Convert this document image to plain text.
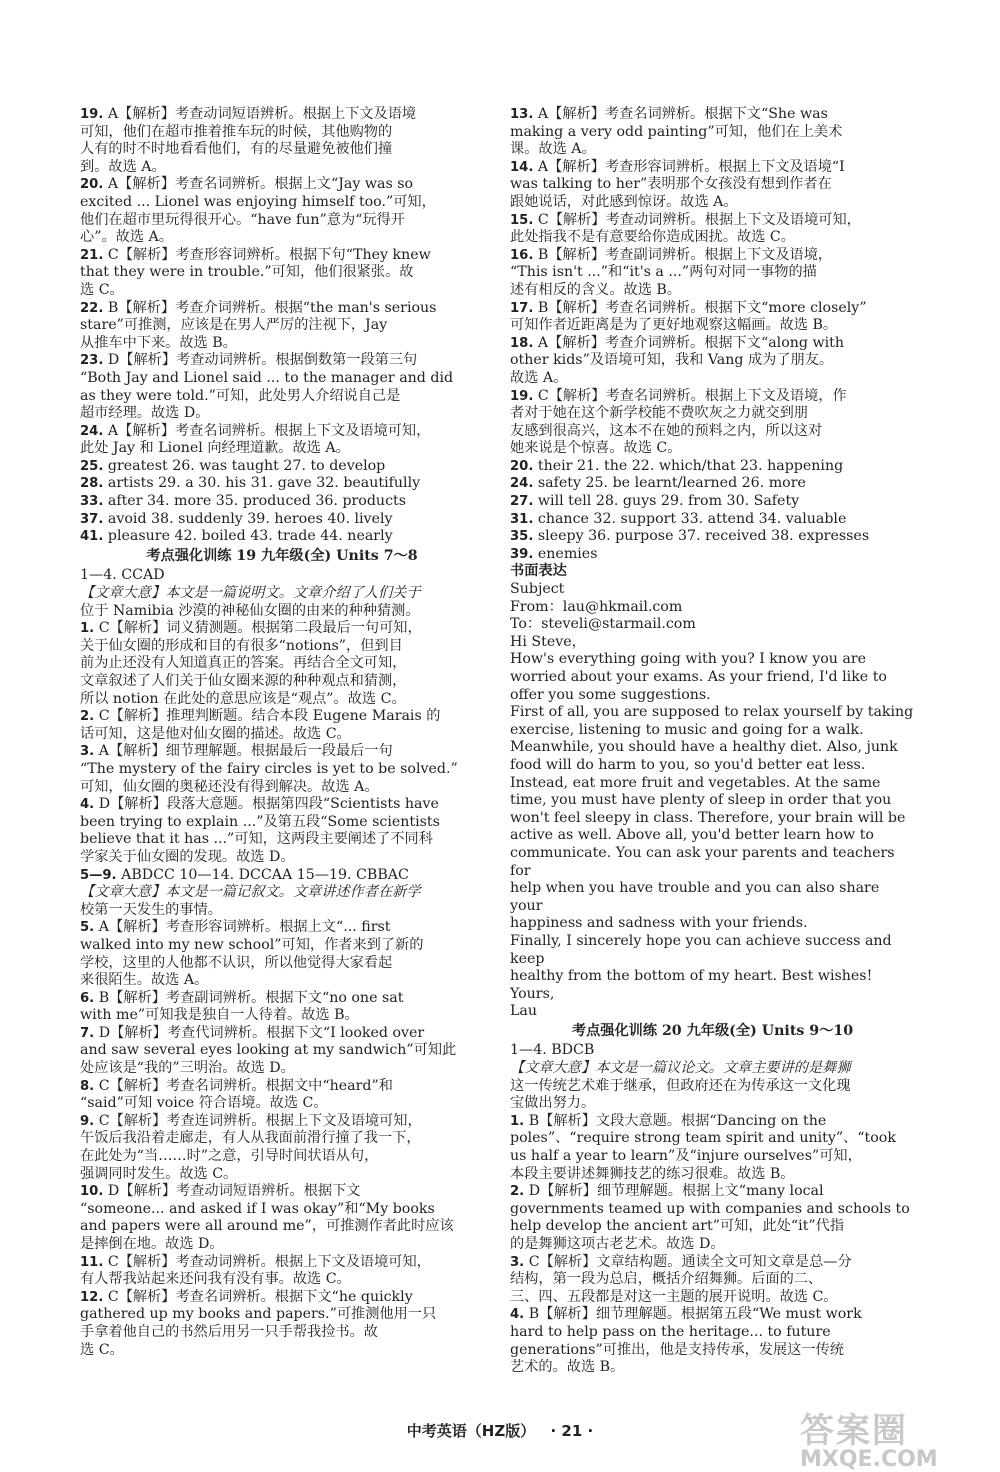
19. A【解析】考查动词短语辨析。根据上下文及语境
可知，他们在超市推着推车玩的时候，其他购物的
人有的时不时地看看他们，有的尽量避免被他们撞
到。故选 A。
20. A【解析】考查名词辨析。根据上文“Jay was so
excited ... Lionel was enjoying himself too.”可知，
他们在超市里玩得很开心。“have fun”意为“玩得开
心”。故选 A。
21. C【解析】考查形容词辨析。根据下句“They knew
that they were in trouble.”可知，他们很紧张。故
选 C。
22. B【解析】考查介词辨析。根据“the man's serious
stare”可推测，应该是在男人严厉的注视下，Jay
从推车中下来。故选 B。
23. D【解析】考查动词辨析。根据倒数第一段第三句
“Both Jay and Lionel said ... to the manager and did
as they were told.”可知，此处男人介绍说自己是
超市经理。故选 D。
24. A【解析】考查名词辨析。根据上下文及语境可知，
此处 Jay 和 Lionel 向经理道歉。故选 A。
25. greatest 26. was taught 27. to develop
28. artists 29. a 30. his 31. gave 32. beautifully
33. after 34. more 35. produced 36. products
37. avoid 38. suddenly 39. heroes 40. lively
41. pleasure 42. boiled 43. trade 44. nearly
考点强化训练 19 九年级(全) Units 7～8
1—4. CCAD
【文章大意】本文是一篇说明文。文章介绍了人们关于
位于 Namibia 沙漠的神秘仙女圈的由来的种种猜测。
1. C【解析】词义猜测题。根据第二段最后一句可知，
关于仙女圈的形成和目的有很多“notions”，但到目
前为止还没有人知道真正的答案。再结合全文可知，
文章叙述了人们关于仙女圈来源的种种观点和猜测，
所以 notion 在此处的意思应该是“观点”。故选 C。
2. C【解析】推理判断题。结合本段 Eugene Marais 的
话可知，这是他对仙女圈的描述。故选 C。
3. A【解析】细节理解题。根据最后一段最后一句
“The mystery of the fairy circles is yet to be solved.”
可知，仙女圈的奥秘还没有得到解决。故选 A。
4. D【解析】段落大意题。根据第四段“Scientists have
been trying to explain ...”及第五段“Some scientists
believe that it has ...”可知，这两段主要阐述了不同科
学家关于仙女圈的发现。故选 D。
5—9. ABDCC 10—14. DCCAA 15—19. CBBAC
【文章大意】本文是一篇记叙文。文章讲述作者在新学
校第一天发生的事情。
5. A【解析】考查形容词辨析。根据上文“... first
walked into my new school”可知，作者来到了新的
学校，这里的人他都不认识，所以他觉得大家看起
来很陌生。故选 A。
6. B【解析】考查副词辨析。根据下文“no one sat
with me”可知我是独自一人待着。故选 B。
7. D【解析】考查代词辨析。根据下文“I looked over
and saw several eyes looking at my sandwich”可知此
处应该是“我的”三明治。故选 D。
8. C【解析】考查名词辨析。根据文中“heard”和
“said”可知 voice 符合语境。故选 C。
9. C【解析】考查连词辨析。根据上下文及语境可知，
午饭后我沿着走廊走，有人从我面前滑行撞了我一下，
在此处为“当……时”之意，引导时间状语从句，
强调同时发生。故选 C。
10. D【解析】考查动词短语辨析。根据下文
“someone... and asked if I was okay”和“My books
and papers were all around me”，可推测作者此时应该
是摔倒在地。故选 D。
11. C【解析】考查动词辨析。根据上下文及语境可知，
有人帮我站起来还问我有没有事。故选 C。
12. C【解析】考查名词辨析。根据下文“he quickly
gathered up my books and papers.”可推测他用一只
手拿着他自己的书然后用另一只手帮我捡书。故
选 C。
13. A【解析】考查名词辨析。根据下文“She was
making a very odd painting”可知，他们在上美术
课。故选 A。
14. A【解析】考查形容词辨析。根据上下文及语境“I
was talking to her”表明那个女孩没有想到作者在
跟她说话，对此感到惊讶。故选 A。
15. C【解析】考查动词辨析。根据上下文及语境可知，
此处指我不是有意要给你造成困扰。故选 C。
16. B【解析】考查副词辨析。根据上下文及语境，
“This isn't ...”和“it's a ...”两句对同一事物的描
述有相反的含义。故选 B。
17. B【解析】考查名词辨析。根据下文“more closely”
可知作者近距离是为了更好地观察这幅画。故选 B。
18. A【解析】考查介词辨析。根据下文“along with
other kids”及语境可知，我和 Vang 成为了朋友。
故选 A。
19. C【解析】考查名词辨析。根据上下文及语境，作
者对于她在这个新学校能不费吹灰之力就交到朋
友感到很高兴，这本不在她的预料之内，所以这对
她来说是个惊喜。故选 C。
20. their 21. the 22. which/that 23. happening
24. safety 25. be learnt/learned 26. more
27. will tell 28. guys 29. from 30. Safety
31. chance 32. support 33. attend 34. valuable
35. sleepy 36. purpose 37. received 38. expresses
39. enemies
书面表达
Subject
From：lau@hkmail.com
To：steveli@starmail.com
Hi Steve，
How's everything going with you? I know you are
worried about your exams. As your friend, I'd like to
offer you some suggestions.
First of all, you are supposed to relax yourself by taking
exercise, listening to music and going for a walk.
Meanwhile, you should have a healthy diet. Also, junk
food will do harm to you, so you'd better eat less.
Instead, eat more fruit and vegetables. At the same
time, you must have plenty of sleep in order that you
won't feel sleepy in class. Therefore, your brain will be
active as well. Above all, you'd better learn how to
communicate. You can ask your parents and teachers for
help when you have trouble and you can also share your
happiness and sadness with your friends.
Finally, I sincerely hope you can achieve success and keep
healthy from the bottom of my heart. Best wishes!
Yours,
Lau
考点强化训练 20 九年级(全) Units 9～10
1—4. BDCB
【文章大意】本文是一篇议论文。文章主要讲的是舞狮
这一传统艺术难于继承，但政府还在为传承这一文化瑰
宝做出努力。
1. B【解析】文段大意题。根据“Dancing on the
poles”、“require strong team spirit and unity”、“took
us half a year to learn”及“injure ourselves”可知，
本段主要讲述舞狮技艺的练习很难。故选 B。
2. D【解析】细节理解题。根据上文“many local
governments teamed up with companies and schools to
help develop the ancient art”可知，此处“it”代指
的是舞狮这项古老艺术。故选 D。
3. C【解析】文章结构题。通读全文可知文章是总—分
结构，第一段为总启，概括介绍舞狮。后面的二、
三、四、五段都是对这一主题的展开说明。故选 C。
4. B【解析】细节理解题。根据第五段“We must work
hard to help pass on the heritage... to future
generations”可推出，他是支持传承，发展这一传统
艺术的。故选 B。
中考英语（HZ版） · 21 ·	答案圈
MXQE.COM
